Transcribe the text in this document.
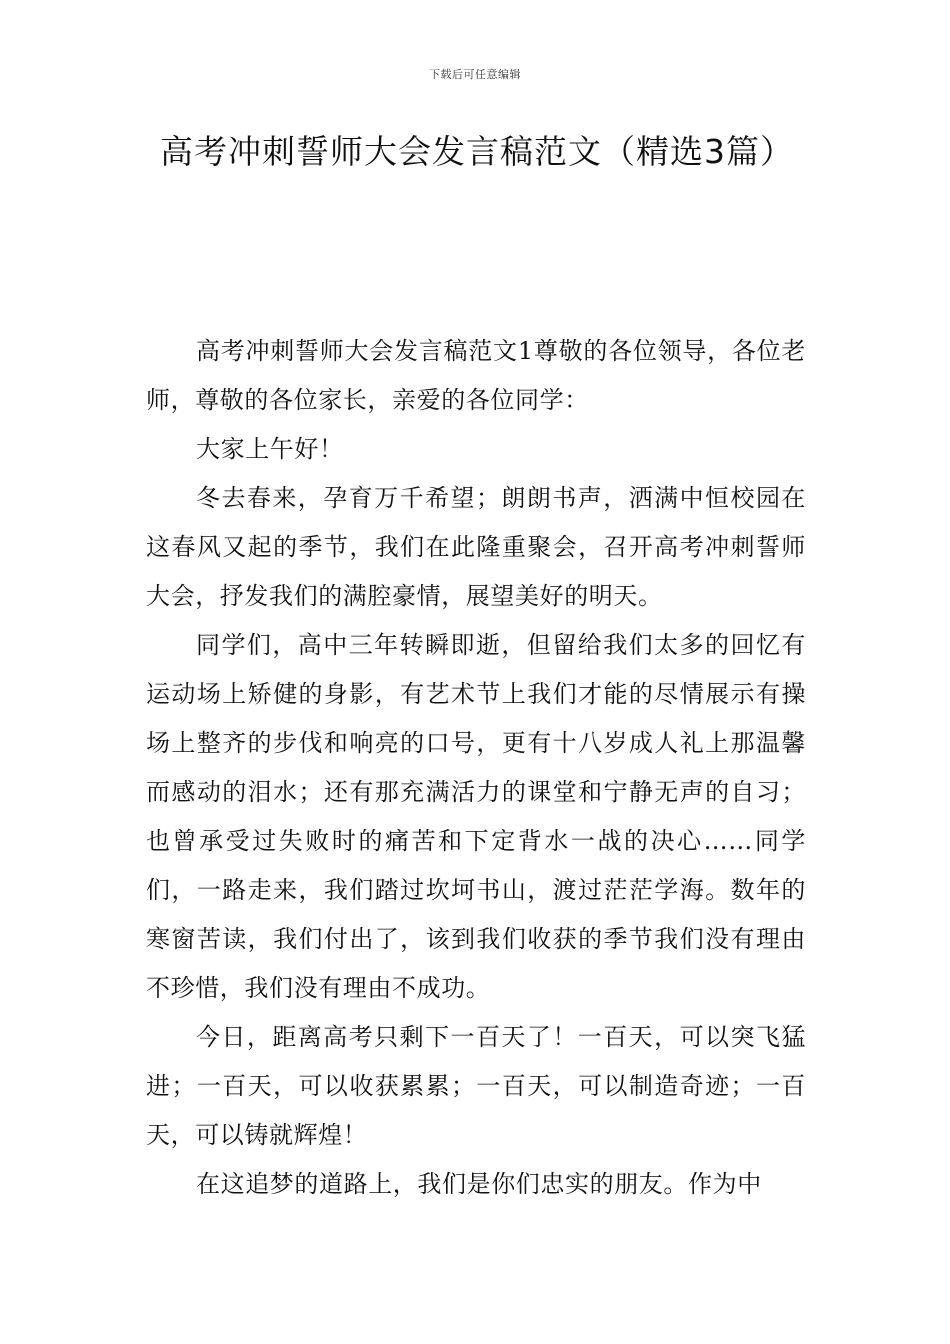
下载后可任意编辑
高考冲刺誓师大会发言稿范文（精选3篇）

高考冲刺誓师大会发言稿范文1尊敬的各位领导，各位老师，尊敬的各位家长，亲爱的各位同学：

大家上午好！

冬去春来，孕育万千希望；朗朗书声，洒满中恒校园在这春风又起的季节，我们在此隆重聚会，召开高考冲刺誓师大会，抒发我们的满腔豪情，展望美好的明天。

同学们，高中三年转瞬即逝，但留给我们太多的回忆有运动场上矫健的身影，有艺术节上我们才能的尽情展示有操场上整齐的步伐和响亮的口号，更有十八岁成人礼上那温馨而感动的泪水；还有那充满活力的课堂和宁静无声的自习；也曾承受过失败时的痛苦和下定背水一战的决心……同学们，一路走来，我们踏过坎坷书山，渡过茫茫学海。数年的寒窗苦读，我们付出了，该到我们收获的季节我们没有理由不珍惜，我们没有理由不成功。

今日，距离高考只剩下一百天了！一百天，可以突飞猛进；一百天，可以收获累累；一百天，可以制造奇迹；一百天，可以铸就辉煌！

在这追梦的道路上，我们是你们忠实的朋友。作为中
